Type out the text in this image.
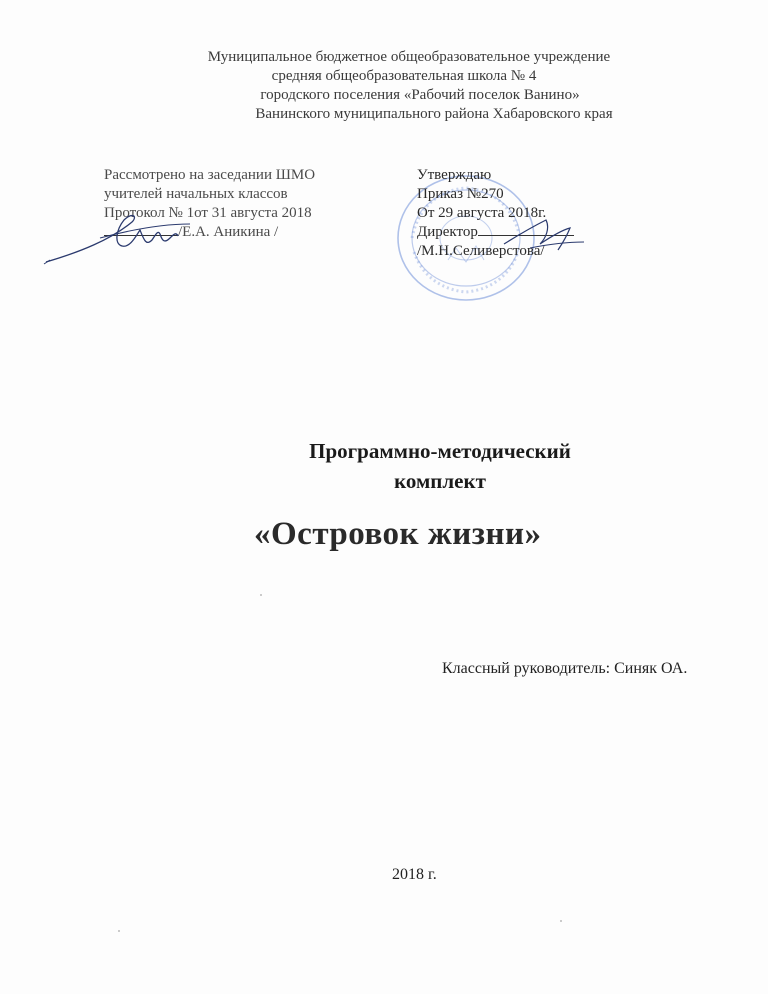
Муниципальное бюджетное общеобразовательное учреждение
средняя общеобразовательная школа № 4
городского поселения «Рабочий поселок Ванино»
Ванинского муниципального района Хабаровского края
Рассмотрено на заседании ШМО
учителей начальных классов
Протокол № 1от 31 августа 2018
/Е.А. Аникина /
Утверждаю
Приказ №270
От 29 августа 2018г.
Директор
/М.Н.Селиверстова/
Программно-методический
комплект
«Островок жизни»
Классный руководитель: Синяк ОА.
2018 г.
